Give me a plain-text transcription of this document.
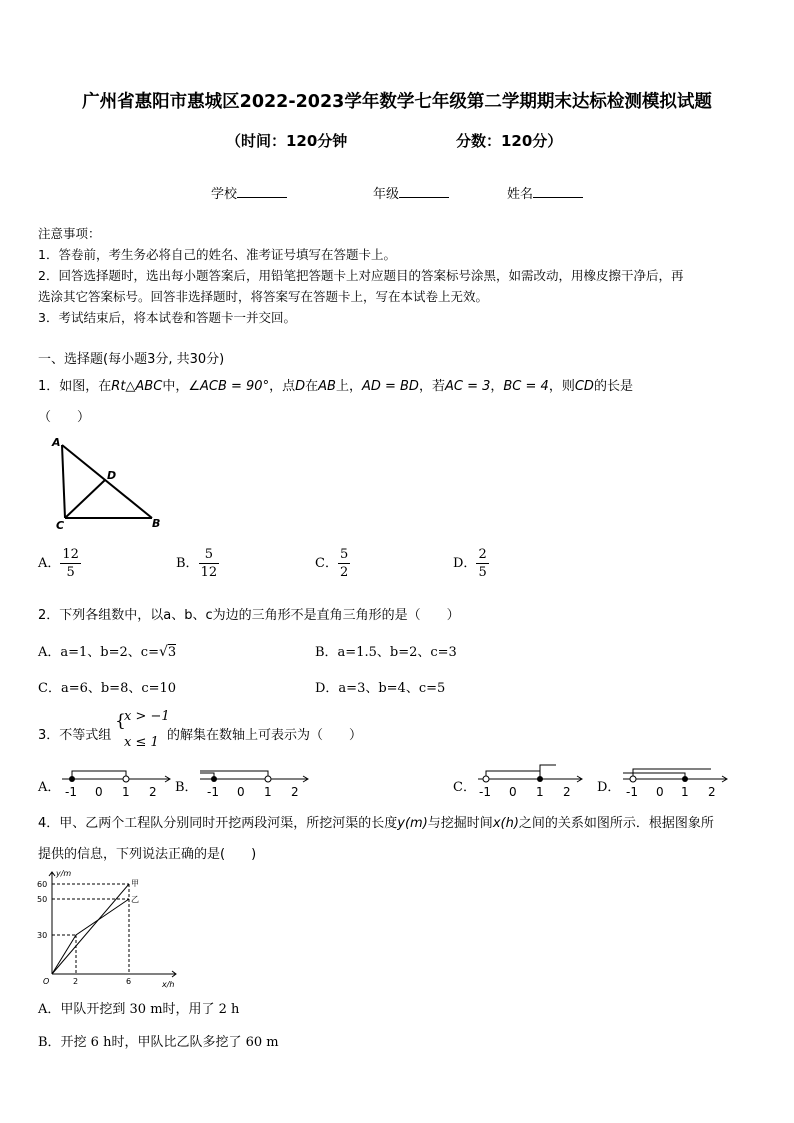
广州省惠阳市惠城区2022-2023学年数学七年级第二学期期末达标检测模拟试题
（时间：120分钟	分数：120分）
学校	年级	姓名
注意事项：
1．答卷前，考生务必将自己的姓名、准考证号填写在答题卡上。
2．回答选择题时，选出每小题答案后，用铅笔把答题卡上对应题目的答案标号涂黑，如需改动，用橡皮擦干净后，再
选涂其它答案标号。回答非选择题时，将答案写在答题卡上，写在本试卷上无效。
3．考试结束后，将本试卷和答题卡一并交回。
一、选择题(每小题3分, 共30分)
1．如图，在Rt△ABC中，∠ACB = 90°，点D在AB上，AD = BD，若AC = 3，BC = 4，则CD的长是
（　　）
A
D
C	B
A． $\frac{12}{5}$	B． $\frac{5}{12}$	C． $\frac{5}{2}$	D． $\frac{2}{5}$
2．下列各组数中，以a、b、c为边的三角形不是直角三角形的是（　　）
A．a=1、b=2、c=√3	B．a=1.5、b=2、c=3
C．a=6、b=8、c=10	D．a=3、b=4、c=5
3．不等式组
{
x > −1
x ≤ 1 的解集在数轴上可表示为（　　）
A． -1 0 1 2 B． -1 0 1 2	C． -1 0 1 2 D． -1 0 1 2
4．甲、乙两个工程队分别同时开挖两段河渠，所挖河渠的长度y(m)与挖掘时间x(h)之间的关系如图所示．根据图象所
提供的信息，下列说法正确的是(　　)
y/m
x/h
O
60
50
30
2	6
甲
乙
A．甲队开挖到 30 m时，用了 2 h
B．开挖 6 h时，甲队比乙队多挖了 60 m
